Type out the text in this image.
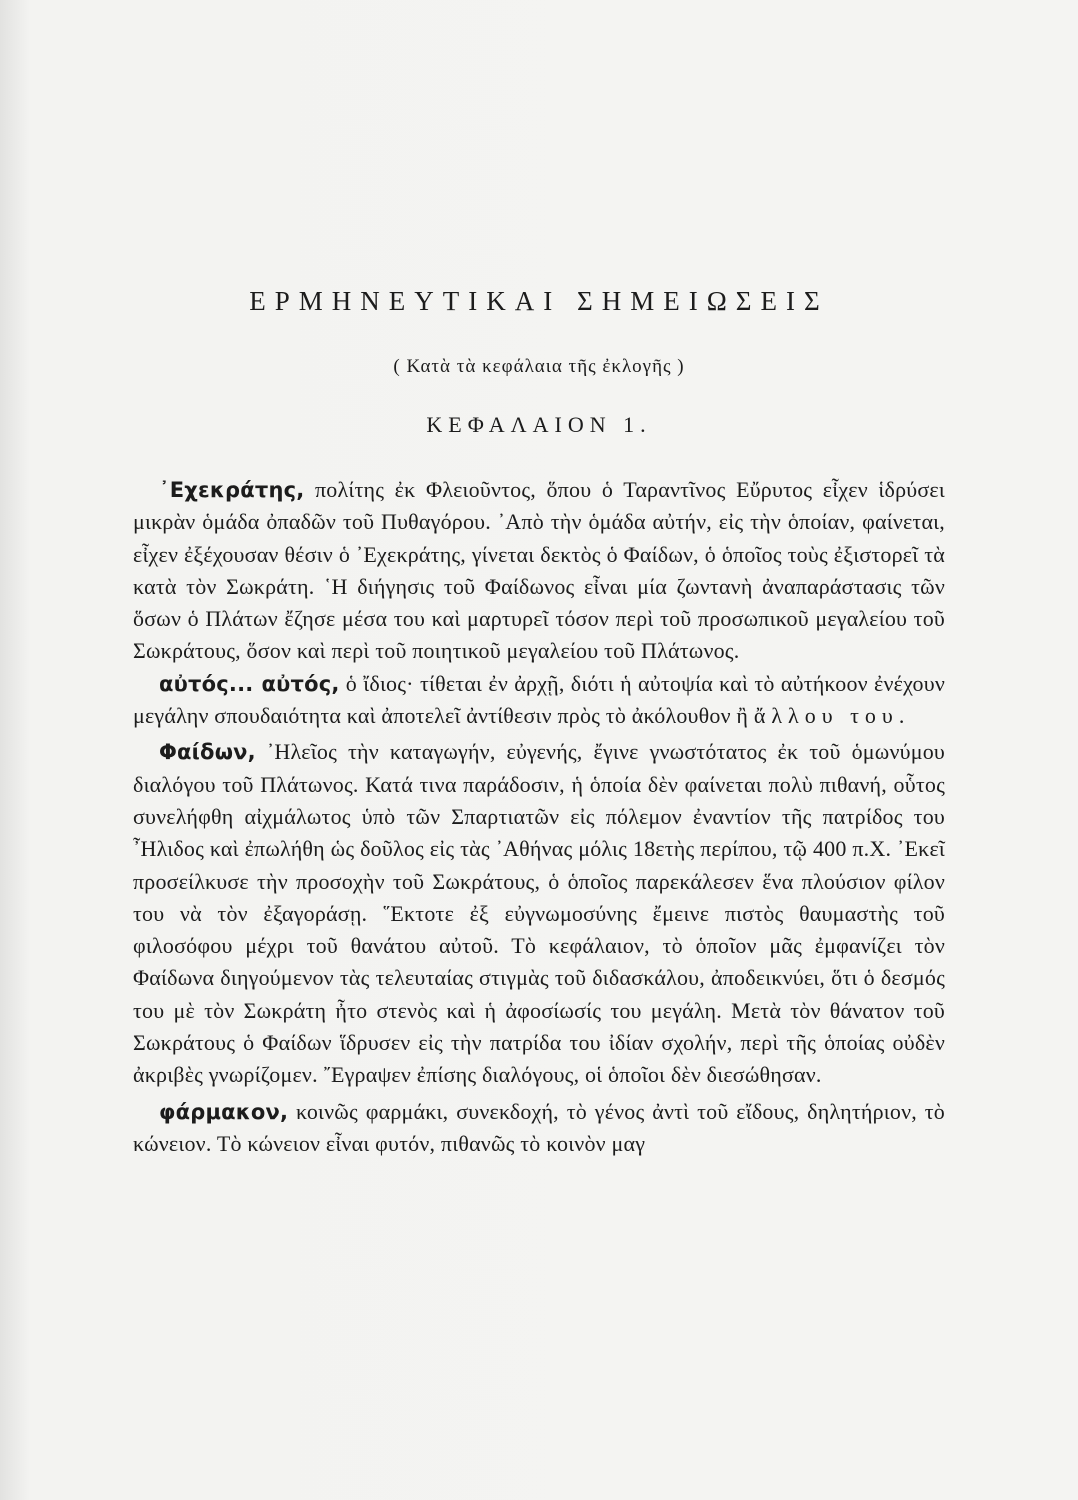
ΕΡΜΗΝΕΥΤΙΚΑΙ ΣΗΜΕΙΩΣΕΙΣ
( Κατὰ τὰ κεφάλαια τῆς ἐκλογῆς )
ΚΕΦΑΛΑΙΟΝ 1.

᾽Εχεκράτης, πολίτης ἐκ Φλειοῦντος, ὅπου ὁ Ταραντῖνος Εὔρυτος εἶχεν ἱδρύσει μικρὰν ὁμάδα ὀπαδῶν τοῦ Πυθαγόρου. ᾽Απὸ τὴν ὁμάδα αὐτήν, εἰς τὴν ὁποίαν, φαίνεται, εἶχεν ἐξέχουσαν θέσιν ὁ ᾽Εχεκράτης, γίνεται δεκτὸς ὁ Φαίδων, ὁ ὁποῖος τοὺς ἐξιστορεῖ τὰ κατὰ τὸν Σωκράτη. ῾Η διήγησις τοῦ Φαίδωνος εἶναι μία ζωντανὴ ἀναπαράστασις τῶν ὅσων ὁ Πλάτων ἔζησε μέσα του καὶ μαρτυρεῖ τόσον περὶ τοῦ προσωπικοῦ μεγαλείου τοῦ Σωκράτους, ὅσον καὶ περὶ τοῦ ποιητικοῦ μεγαλείου τοῦ Πλάτωνος.

αὐτός... αὐτός, ὁ ἴδιος· τίθεται ἐν ἀρχῇ, διότι ἡ αὐτοψία καὶ τὸ αὐτήκοον ἐνέχουν μεγάλην σπουδαιότητα καὶ ἀποτελεῖ ἀντίθεσιν πρὸς τὸ ἀκόλουθον ἢ ἄλλου του.

Φαίδων, ᾽Ηλεῖος τὴν καταγωγήν, εὐγενής, ἔγινε γνωστότατος ἐκ τοῦ ὁμωνύμου διαλόγου τοῦ Πλάτωνος. Κατά τινα παράδοσιν, ἡ ὁποία δὲν φαίνεται πολὺ πιθανή, οὗτος συνελήφθη αἰχμάλωτος ὑπὸ τῶν Σπαρτιατῶν εἰς πόλεμον ἐναντίον τῆς πατρίδος του ῏Ηλιδος καὶ ἐπωλήθη ὡς δοῦλος εἰς τὰς ᾽Αθήνας μόλις 18ετὴς περίπου, τῷ 400 π.Χ. ᾽Εκεῖ προσείλκυσε τὴν προσοχὴν τοῦ Σωκράτους, ὁ ὁποῖος παρεκάλεσεν ἕνα πλούσιον φίλον του νὰ τὸν ἐξαγοράσῃ. ῞Εκτοτε ἐξ εὐγνωμοσύνης ἔμεινε πιστὸς θαυμαστὴς τοῦ φιλοσόφου μέχρι τοῦ θανάτου αὐτοῦ. Τὸ κεφάλαιον, τὸ ὁποῖον μᾶς ἐμφανίζει τὸν Φαίδωνα διηγούμενον τὰς τελευταίας στιγμὰς τοῦ διδασκάλου, ἀποδεικνύει, ὅτι ὁ δεσμός του μὲ τὸν Σωκράτη ἦτο στενὸς καὶ ἡ ἀφοσίωσίς του μεγάλη. Μετὰ τὸν θάνατον τοῦ Σωκράτους ὁ Φαίδων ἵδρυσεν εἰς τὴν πατρίδα του ἰδίαν σχολήν, περὶ τῆς ὁποίας οὐδὲν ἀκριβὲς γνωρίζομεν. ῎Εγραψεν ἐπίσης διαλόγους, οἱ ὁποῖοι δὲν διεσώθησαν.

φάρμακον, κοινῶς φαρμάκι, συνεκδοχή, τὸ γένος ἀντὶ τοῦ εἴδους, δηλητήριον, τὸ κώνειον. Τὸ κώνειον εἶναι φυτόν, πιθανῶς τὸ κοινὸν μαγ
